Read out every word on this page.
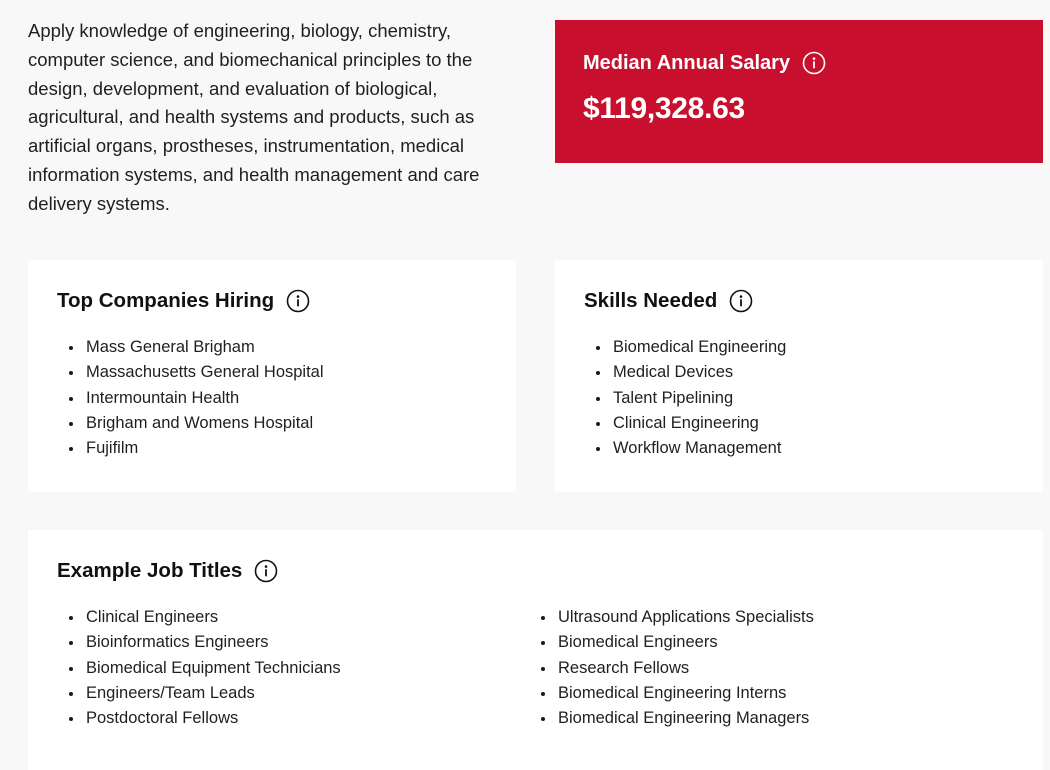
Apply knowledge of engineering, biology, chemistry, computer science, and biomechanical principles to the design, development, and evaluation of biological, agricultural, and health systems and products, such as artificial organs, prostheses, instrumentation, medical information systems, and health management and care delivery systems.

Median Annual Salary
$119,328.63
Top Companies Hiring
Mass General Brigham
Massachusetts General Hospital
Intermountain Health
Brigham and Womens Hospital
Fujifilm
Skills Needed
Biomedical Engineering
Medical Devices
Talent Pipelining
Clinical Engineering
Workflow Management
Example Job Titles
Clinical Engineers
Bioinformatics Engineers
Biomedical Equipment Technicians
Engineers/Team Leads
Postdoctoral Fellows
Ultrasound Applications Specialists
Biomedical Engineers
Research Fellows
Biomedical Engineering Interns
Biomedical Engineering Managers
